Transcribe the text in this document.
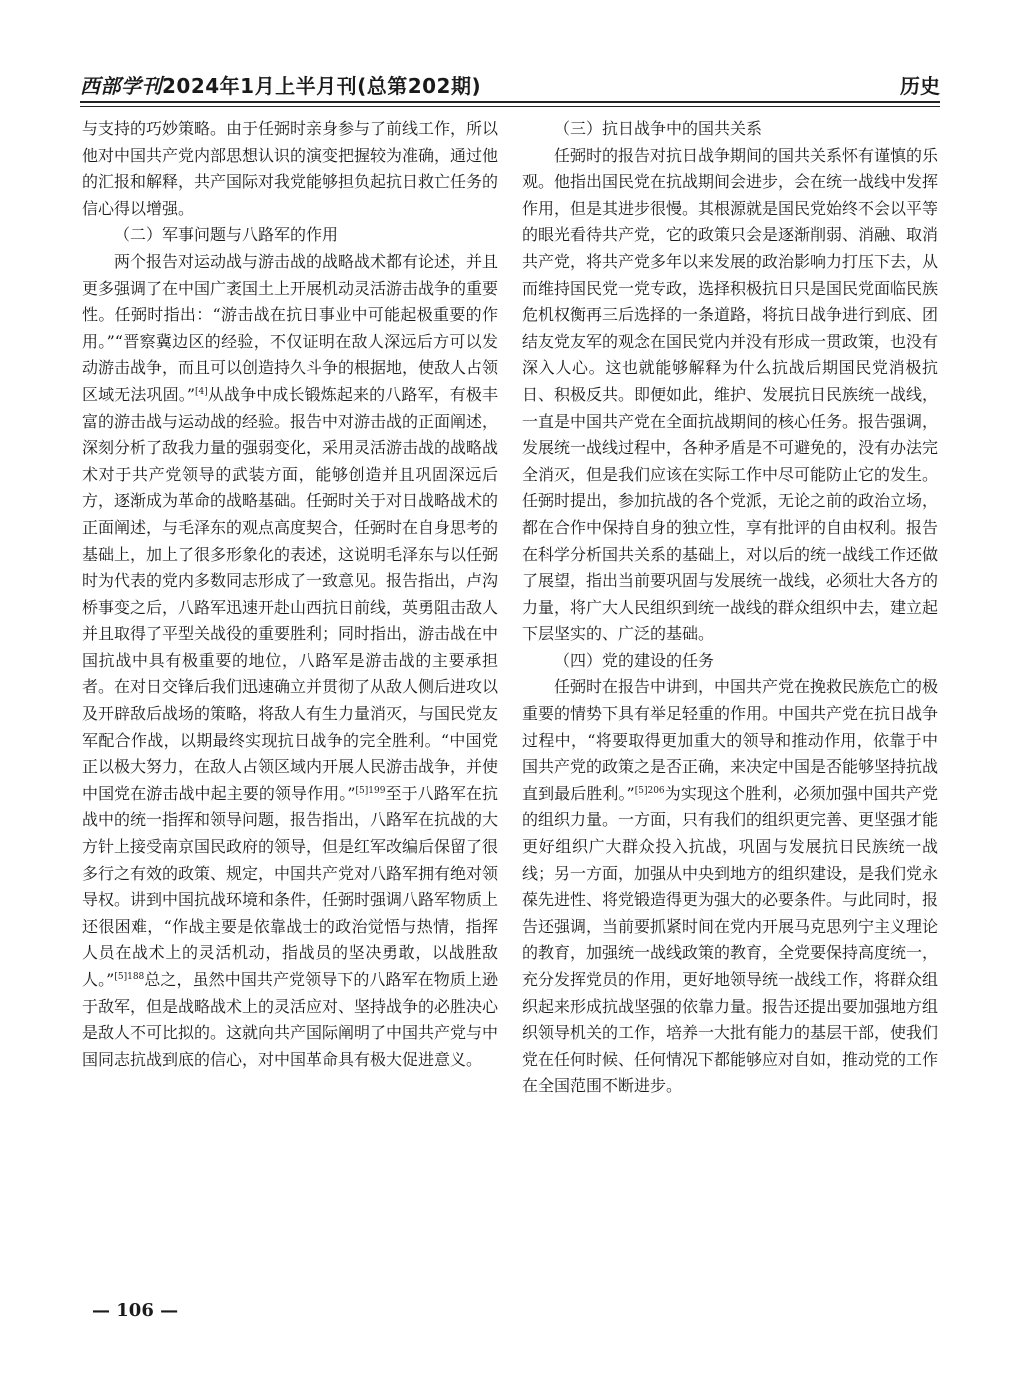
西部学刊2024年1月上半月刊(总第202期)	历史

与支持的巧妙策略。由于任弼时亲身参与了前线工作，所以他对中国共产党内部思想认识的演变把握较为准确，通过他的汇报和解释，共产国际对我党能够担负起抗日救亡任务的信心得以增强。

（二）军事问题与八路军的作用

两个报告对运动战与游击战的战略战术都有论述，并且更多强调了在中国广袤国土上开展机动灵活游击战争的重要性。任弼时指出：“游击战在抗日事业中可能起极重要的作用。”“晋察冀边区的经验，不仅证明在敌人深远后方可以发动游击战争，而且可以创造持久斗争的根据地，使敌人占领区域无法巩固。”[4]从战争中成长锻炼起来的八路军，有极丰富的游击战与运动战的经验。报告中对游击战的正面阐述，深刻分析了敌我力量的强弱变化，采用灵活游击战的战略战术对于共产党领导的武装方面，能够创造并且巩固深远后方，逐渐成为革命的战略基础。任弼时关于对日战略战术的正面阐述，与毛泽东的观点高度契合，任弼时在自身思考的基础上，加上了很多形象化的表述，这说明毛泽东与以任弼时为代表的党内多数同志形成了一致意见。报告指出，卢沟桥事变之后，八路军迅速开赴山西抗日前线，英勇阻击敌人并且取得了平型关战役的重要胜利；同时指出，游击战在中国抗战中具有极重要的地位，八路军是游击战的主要承担者。在对日交锋后我们迅速确立并贯彻了从敌人侧后进攻以及开辟敌后战场的策略，将敌人有生力量消灭，与国民党友军配合作战，以期最终实现抗日战争的完全胜利。“中国党正以极大努力，在敌人占领区域内开展人民游击战争，并使中国党在游击战中起主要的领导作用。”$^{[5]199}$至于八路军在抗战中的统一指挥和领导问题，报告指出，八路军在抗战的大方针上接受南京国民政府的领导，但是红军改编后保留了很多行之有效的政策、规定，中国共产党对八路军拥有绝对领导权。讲到中国抗战环境和条件，任弼时强调八路军物质上还很困难，“作战主要是依靠战士的政治觉悟与热情，指挥人员在战术上的灵活机动，指战员的坚决勇敢，以战胜敌人。”$^{[5]188}$总之，虽然中国共产党领导下的八路军在物质上逊于敌军，但是战略战术上的灵活应对、坚持战争的必胜决心是敌人不可比拟的。这就向共产国际阐明了中国共产党与中国同志抗战到底的信心，对中国革命具有极大促进意义。

（三）抗日战争中的国共关系

任弼时的报告对抗日战争期间的国共关系怀有谨慎的乐观。他指出国民党在抗战期间会进步，会在统一战线中发挥作用，但是其进步很慢。其根源就是国民党始终不会以平等的眼光看待共产党，它的政策只会是逐渐削弱、消融、取消共产党，将共产党多年以来发展的政治影响力打压下去，从而维持国民党一党专政，选择积极抗日只是国民党面临民族危机权衡再三后选择的一条道路，将抗日战争进行到底、团结友党友军的观念在国民党内并没有形成一贯政策，也没有深入人心。这也就能够解释为什么抗战后期国民党消极抗日、积极反共。即便如此，维护、发展抗日民族统一战线，一直是中国共产党在全面抗战期间的核心任务。报告强调，发展统一战线过程中，各种矛盾是不可避免的，没有办法完全消灭，但是我们应该在实际工作中尽可能防止它的发生。任弼时提出，参加抗战的各个党派，无论之前的政治立场，都在合作中保持自身的独立性，享有批评的自由权利。报告在科学分析国共关系的基础上，对以后的统一战线工作还做了展望，指出当前要巩固与发展统一战线，必须壮大各方的力量，将广大人民组织到统一战线的群众组织中去，建立起下层坚实的、广泛的基础。

（四）党的建设的任务

任弼时在报告中讲到，中国共产党在挽救民族危亡的极重要的情势下具有举足轻重的作用。中国共产党在抗日战争过程中，“将要取得更加重大的领导和推动作用，依靠于中国共产党的政策之是否正确，来决定中国是否能够坚持抗战直到最后胜利。”$^{[5]206}$为实现这个胜利，必须加强中国共产党的组织力量。一方面，只有我们的组织更完善、更坚强才能更好组织广大群众投入抗战，巩固与发展抗日民族统一战线；另一方面，加强从中央到地方的组织建设，是我们党永葆先进性、将党锻造得更为强大的必要条件。与此同时，报告还强调，当前要抓紧时间在党内开展马克思列宁主义理论的教育，加强统一战线政策的教育，全党要保持高度统一，充分发挥党员的作用，更好地领导统一战线工作，将群众组织起来形成抗战坚强的依靠力量。报告还提出要加强地方组织领导机关的工作，培养一大批有能力的基层干部，使我们党在任何时候、任何情况下都能够应对自如，推动党的工作在全国范围不断进步。

— 106 —
